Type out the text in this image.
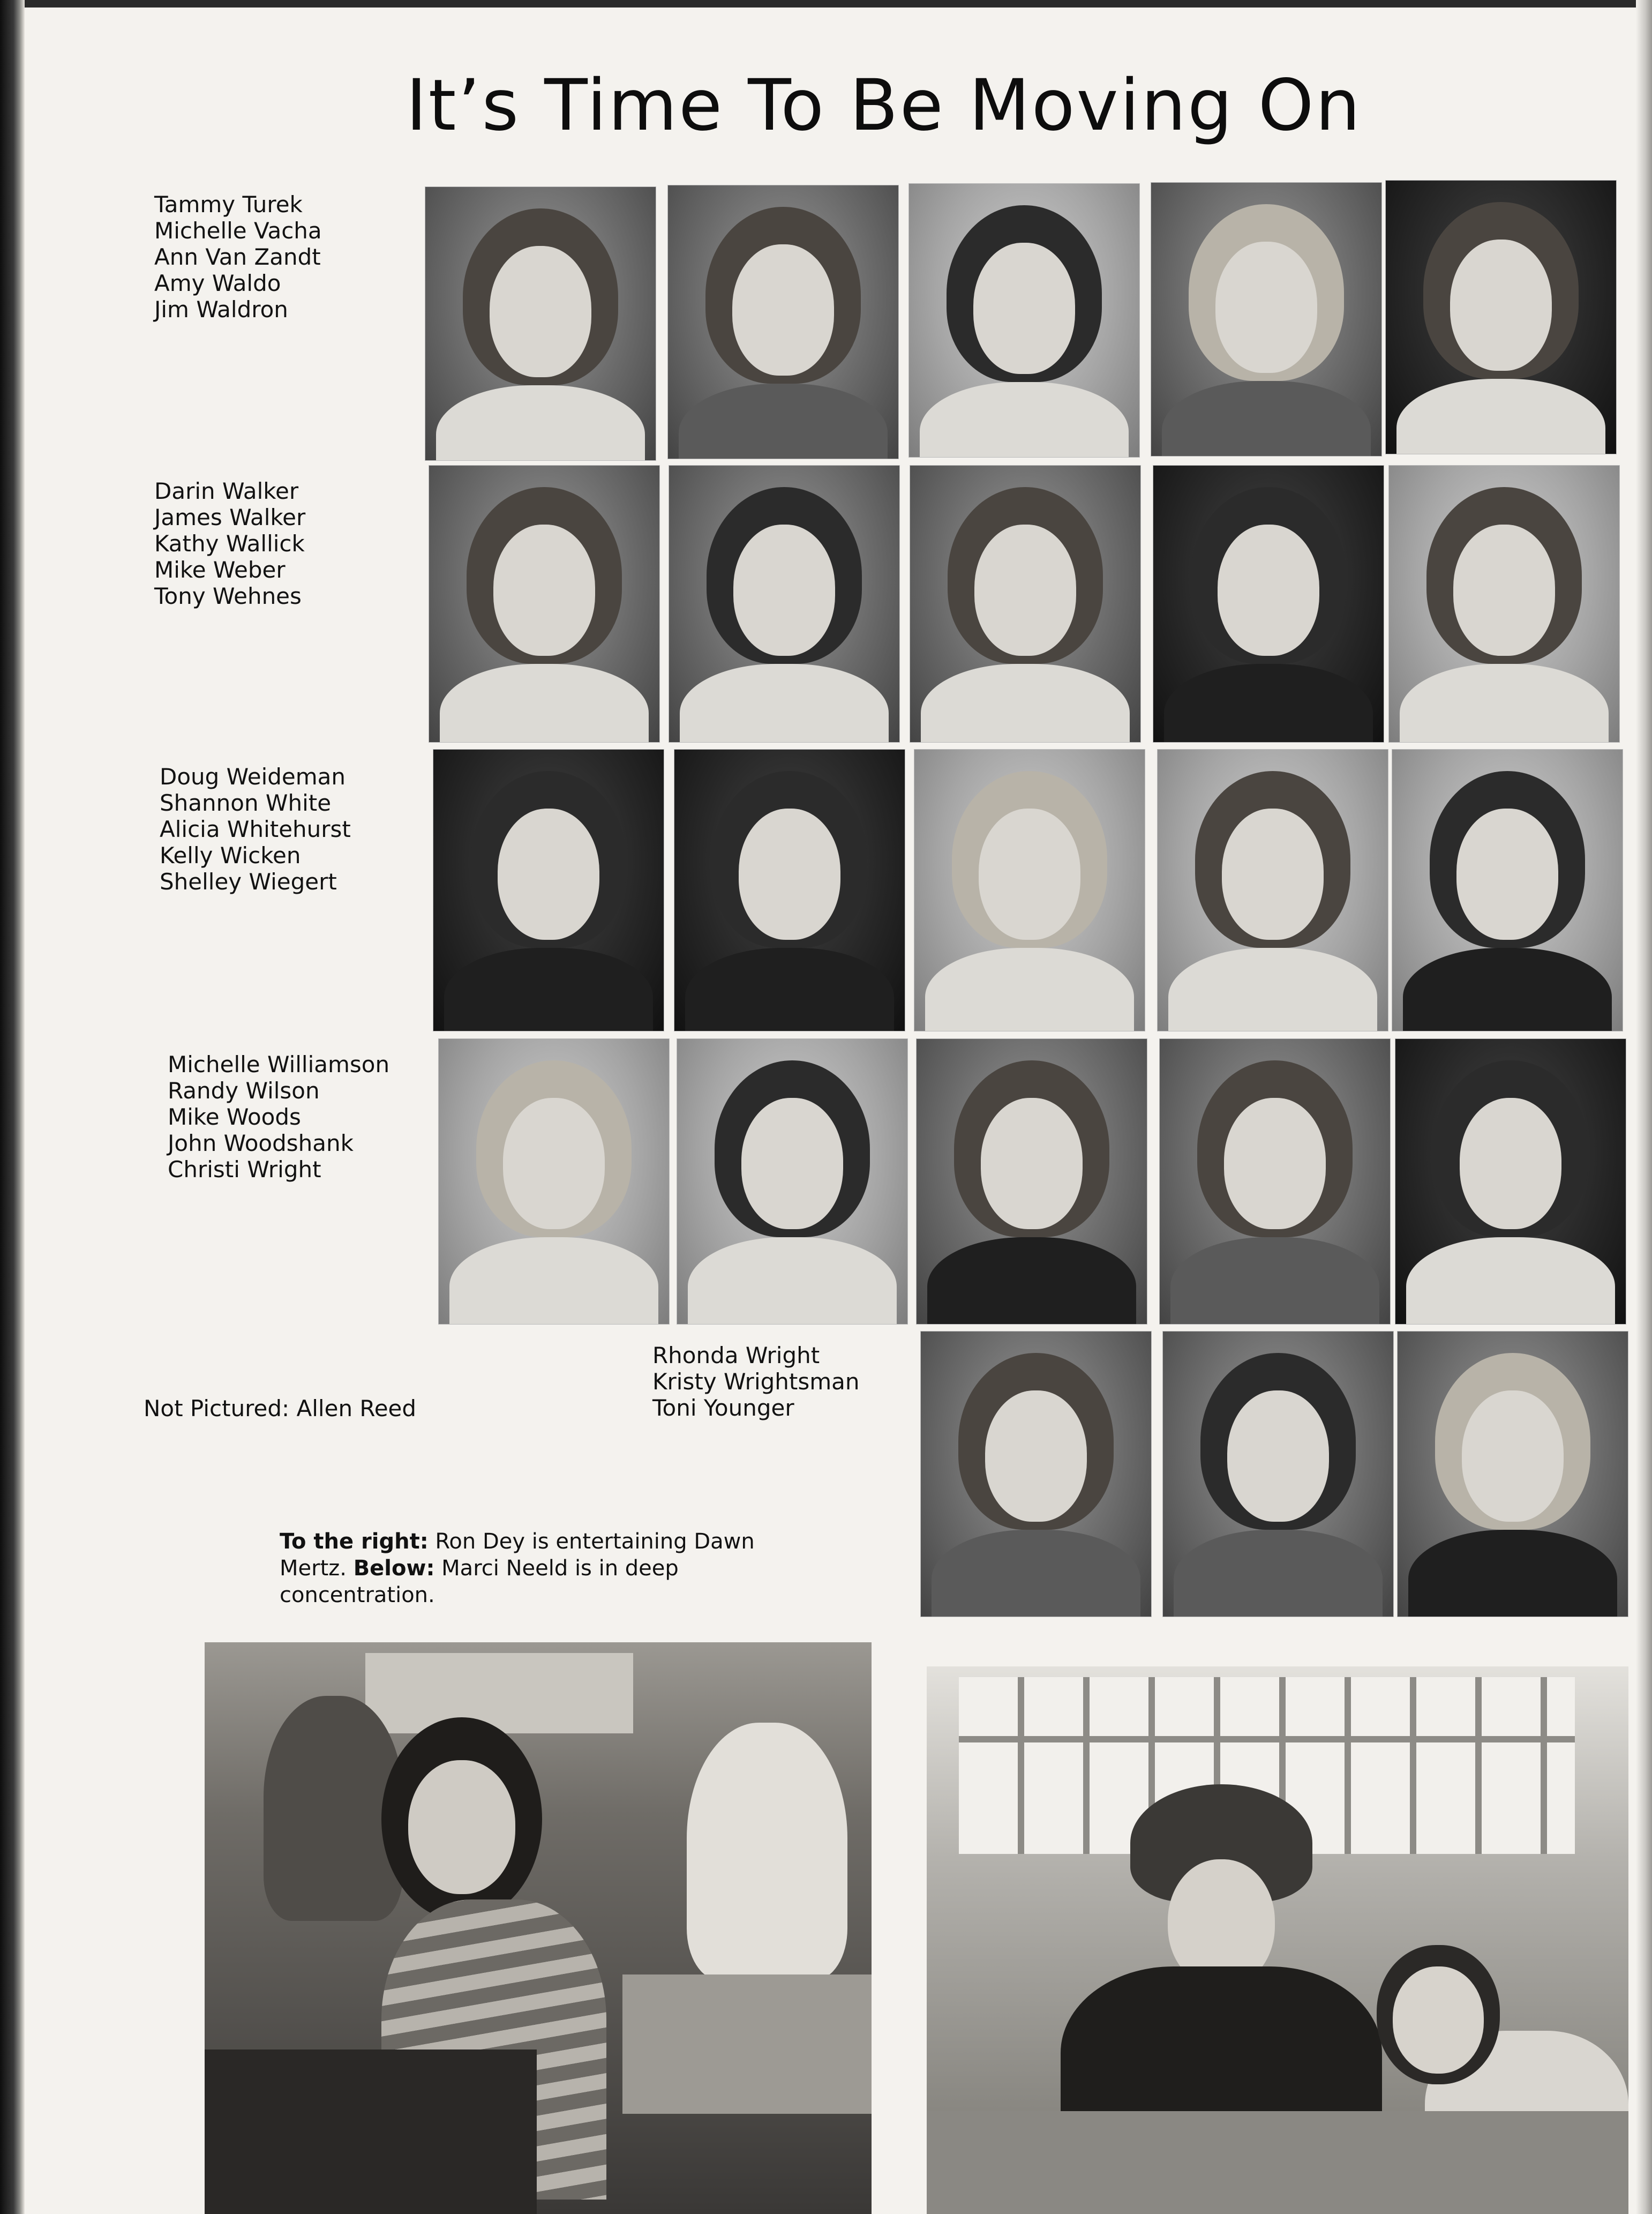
It’s Time To Be Moving On
Tammy Turek
Michelle Vacha
Ann Van Zandt
Amy Waldo
Jim Waldron
Darin Walker
James Walker
Kathy Wallick
Mike Weber
Tony Wehnes
Doug Weideman
Shannon White
Alicia Whitehurst
Kelly Wicken
Shelley Wiegert
Michelle Williamson
Randy Wilson
Mike Woods
John Woodshank
Christi Wright
Rhonda Wright
Kristy Wrightsman
Toni Younger
Not Pictured: Allen Reed
To the right: Ron Dey is entertaining Dawn Mertz. Below: Marci Neeld is in deep concentration.
